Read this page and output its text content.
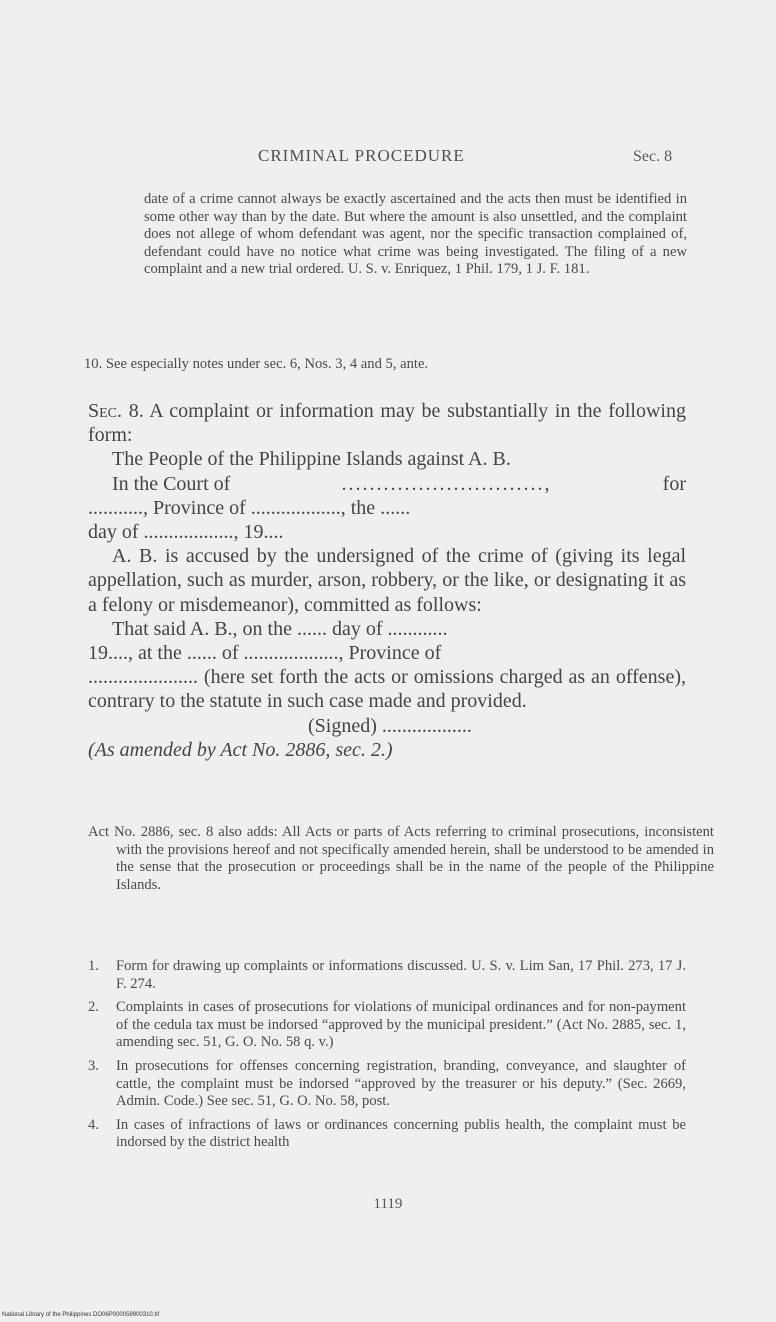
CRIMINAL PROCEDURE	Sec. 8
date of a crime cannot always be exactly ascertained and the acts then must be identified in some other way than by the date. But where the amount is also unsettled, and the complaint does not allege of whom defendant was agent, nor the specific transaction complained of, defendant could have no notice what crime was being investigated. The filing of a new complaint and a new trial ordered. U. S. v. Enriquez, 1 Phil. 179, 1 J. F. 181.
10. See especially notes under sec. 6, Nos. 3, 4 and 5, ante.

Sec. 8. A complaint or information may be substantially in the following form:

The People of the Philippine Islands against A. B.

In the Court of
	.............................,
	for

..........., Province of .................., the ......

day of .................., 19....

A. B. is accused by the undersigned of the crime of (giving its legal appellation, such as murder, arson, robbery, or the like, or designating it as a felony or misdemeanor), committed as follows:

That said A. B., on the ...... day of ............

19...., at the ...... of ..................., Province of

...................... (here set forth the acts or omissions charged as an offense), contrary to the statute in such case made and provided.

(Signed) ..................

(As amended by Act No. 2886, sec. 2.)

Act No. 2886, sec. 8 also adds: All Acts or parts of Acts referring to criminal prosecutions, inconsistent with the provisions hereof and not specifically amended herein, shall be understood to be amended in the sense that the prosecution or proceedings shall be in the name of the people of the Philippine Islands.
1. Form for drawing up complaints or informations discussed. U. S. v. Lim San, 17 Phil. 273, 17 J. F. 274.
2. Complaints in cases of prosecutions for violations of municipal ordinances and for non-payment of the cedula tax must be indorsed “approved by the municipal president.” (Act No. 2885, sec. 1, amending sec. 51, G. O. No. 58 q. v.)
3. In prosecutions for offenses concerning registration, branding, conveyance, and slaughter of cattle, the complaint must be indorsed “approved by the treasurer or his deputy.” (Sec. 2669, Admin. Code.) See sec. 51, G. O. No. 58, post.
4. In cases of infractions of laws or ordinances concerning publis health, the complaint must be indorsed by the district health
1119
National Library of the Philippines DO06P000059900310.tif
